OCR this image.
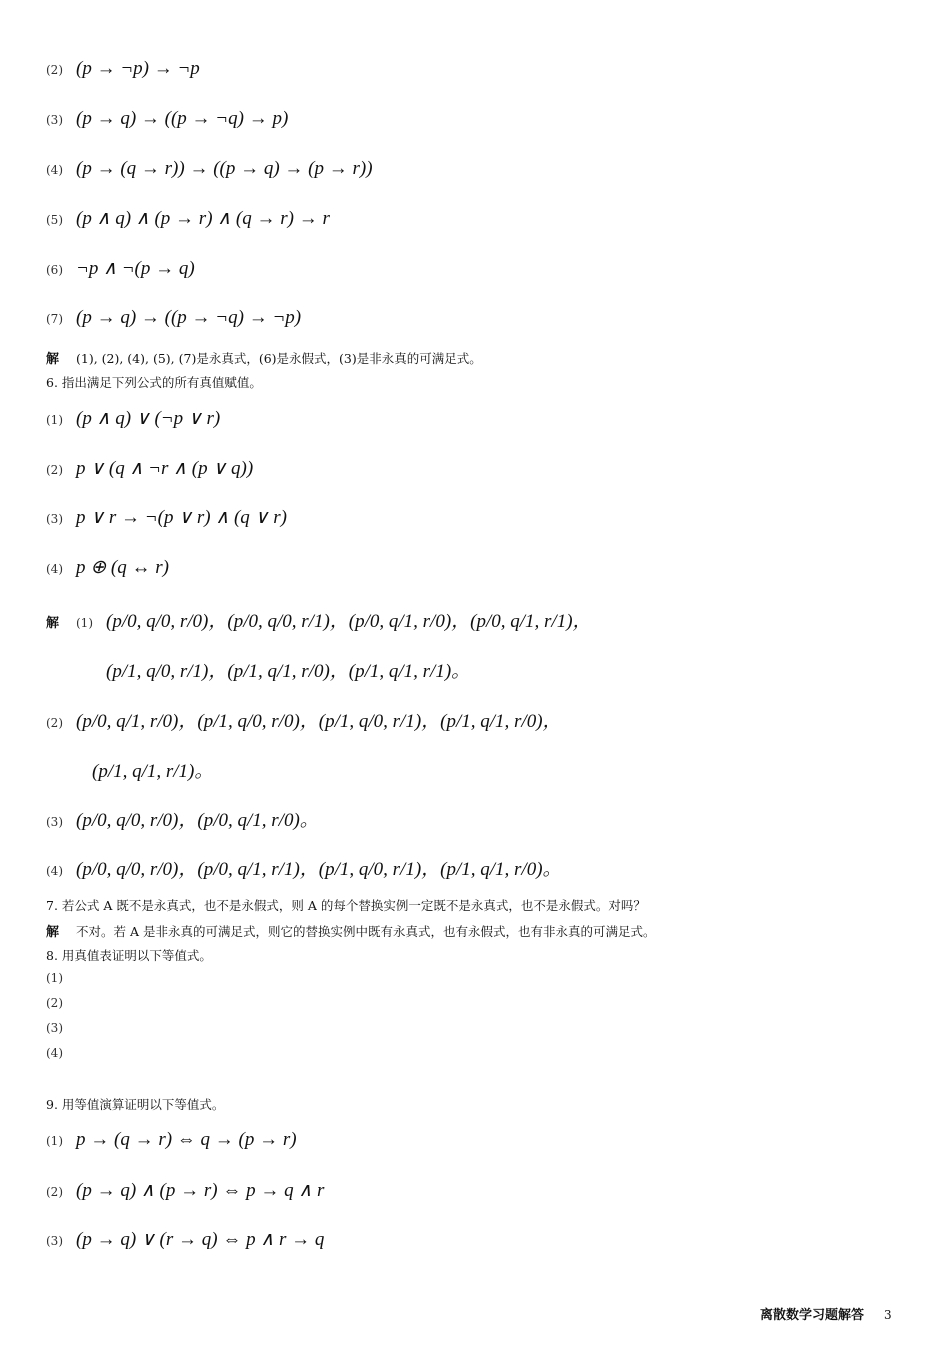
(2) (p → ¬p) → ¬p
(3) (p → q) → ((p → ¬q) → p)
(4) (p → (q → r)) → ((p → q) → (p → r))
(5) (p ∧ q) ∧ (p → r) ∧ (q → r) → r
(6) ¬p ∧ ¬(p → q)
(7) (p → q) → ((p → ¬q) → ¬p)
解 (1), (2), (4), (5), (7)是永真式，(6)是永假式，(3)是非永真的可满足式。
6. 指出满足下列公式的所有真值赋值。
(1) (p ∧ q) ∨ (¬p ∨ r)
(2) p ∨ (q ∧ ¬r ∧ (p ∨ q))
(3) p ∨ r → ¬(p ∨ r) ∧ (q ∨ r)
(4) p ⊕ (q ↔ r)
解 (1) (p/0, q/0, r/0)，(p/0, q/0, r/1)，(p/0, q/1, r/0)，(p/0, q/1, r/1)，
(p/1, q/0, r/1)，(p/1, q/1, r/0)，(p/1, q/1, r/1)。
(2) (p/0, q/1, r/0)，(p/1, q/0, r/0)，(p/1, q/0, r/1)，(p/1, q/1, r/0)，
(p/1, q/1, r/1)。
(3) (p/0, q/0, r/0)，(p/0, q/1, r/0)。
(4) (p/0, q/0, r/0)，(p/0, q/1, r/1)，(p/1, q/0, r/1)，(p/1, q/1, r/0)。
7. 若公式 A 既不是永真式，也不是永假式，则 A 的每个替换实例一定既不是永真式，也不是永假式。对吗？
解 不对。若 A 是非永真的可满足式，则它的替换实例中既有永真式，也有永假式，也有非永真的可满足式。
8. 用真值表证明以下等值式。
(1)
(2)
(3)
(4)
9. 用等值演算证明以下等值式。
(1) p → (q → r) ⇔ q → (p → r)
(2) (p → q) ∧ (p → r) ⇔ p → q ∧ r
(3) (p → q) ∨ (r → q) ⇔ p ∧ r → q
离散数学习题解答 3
